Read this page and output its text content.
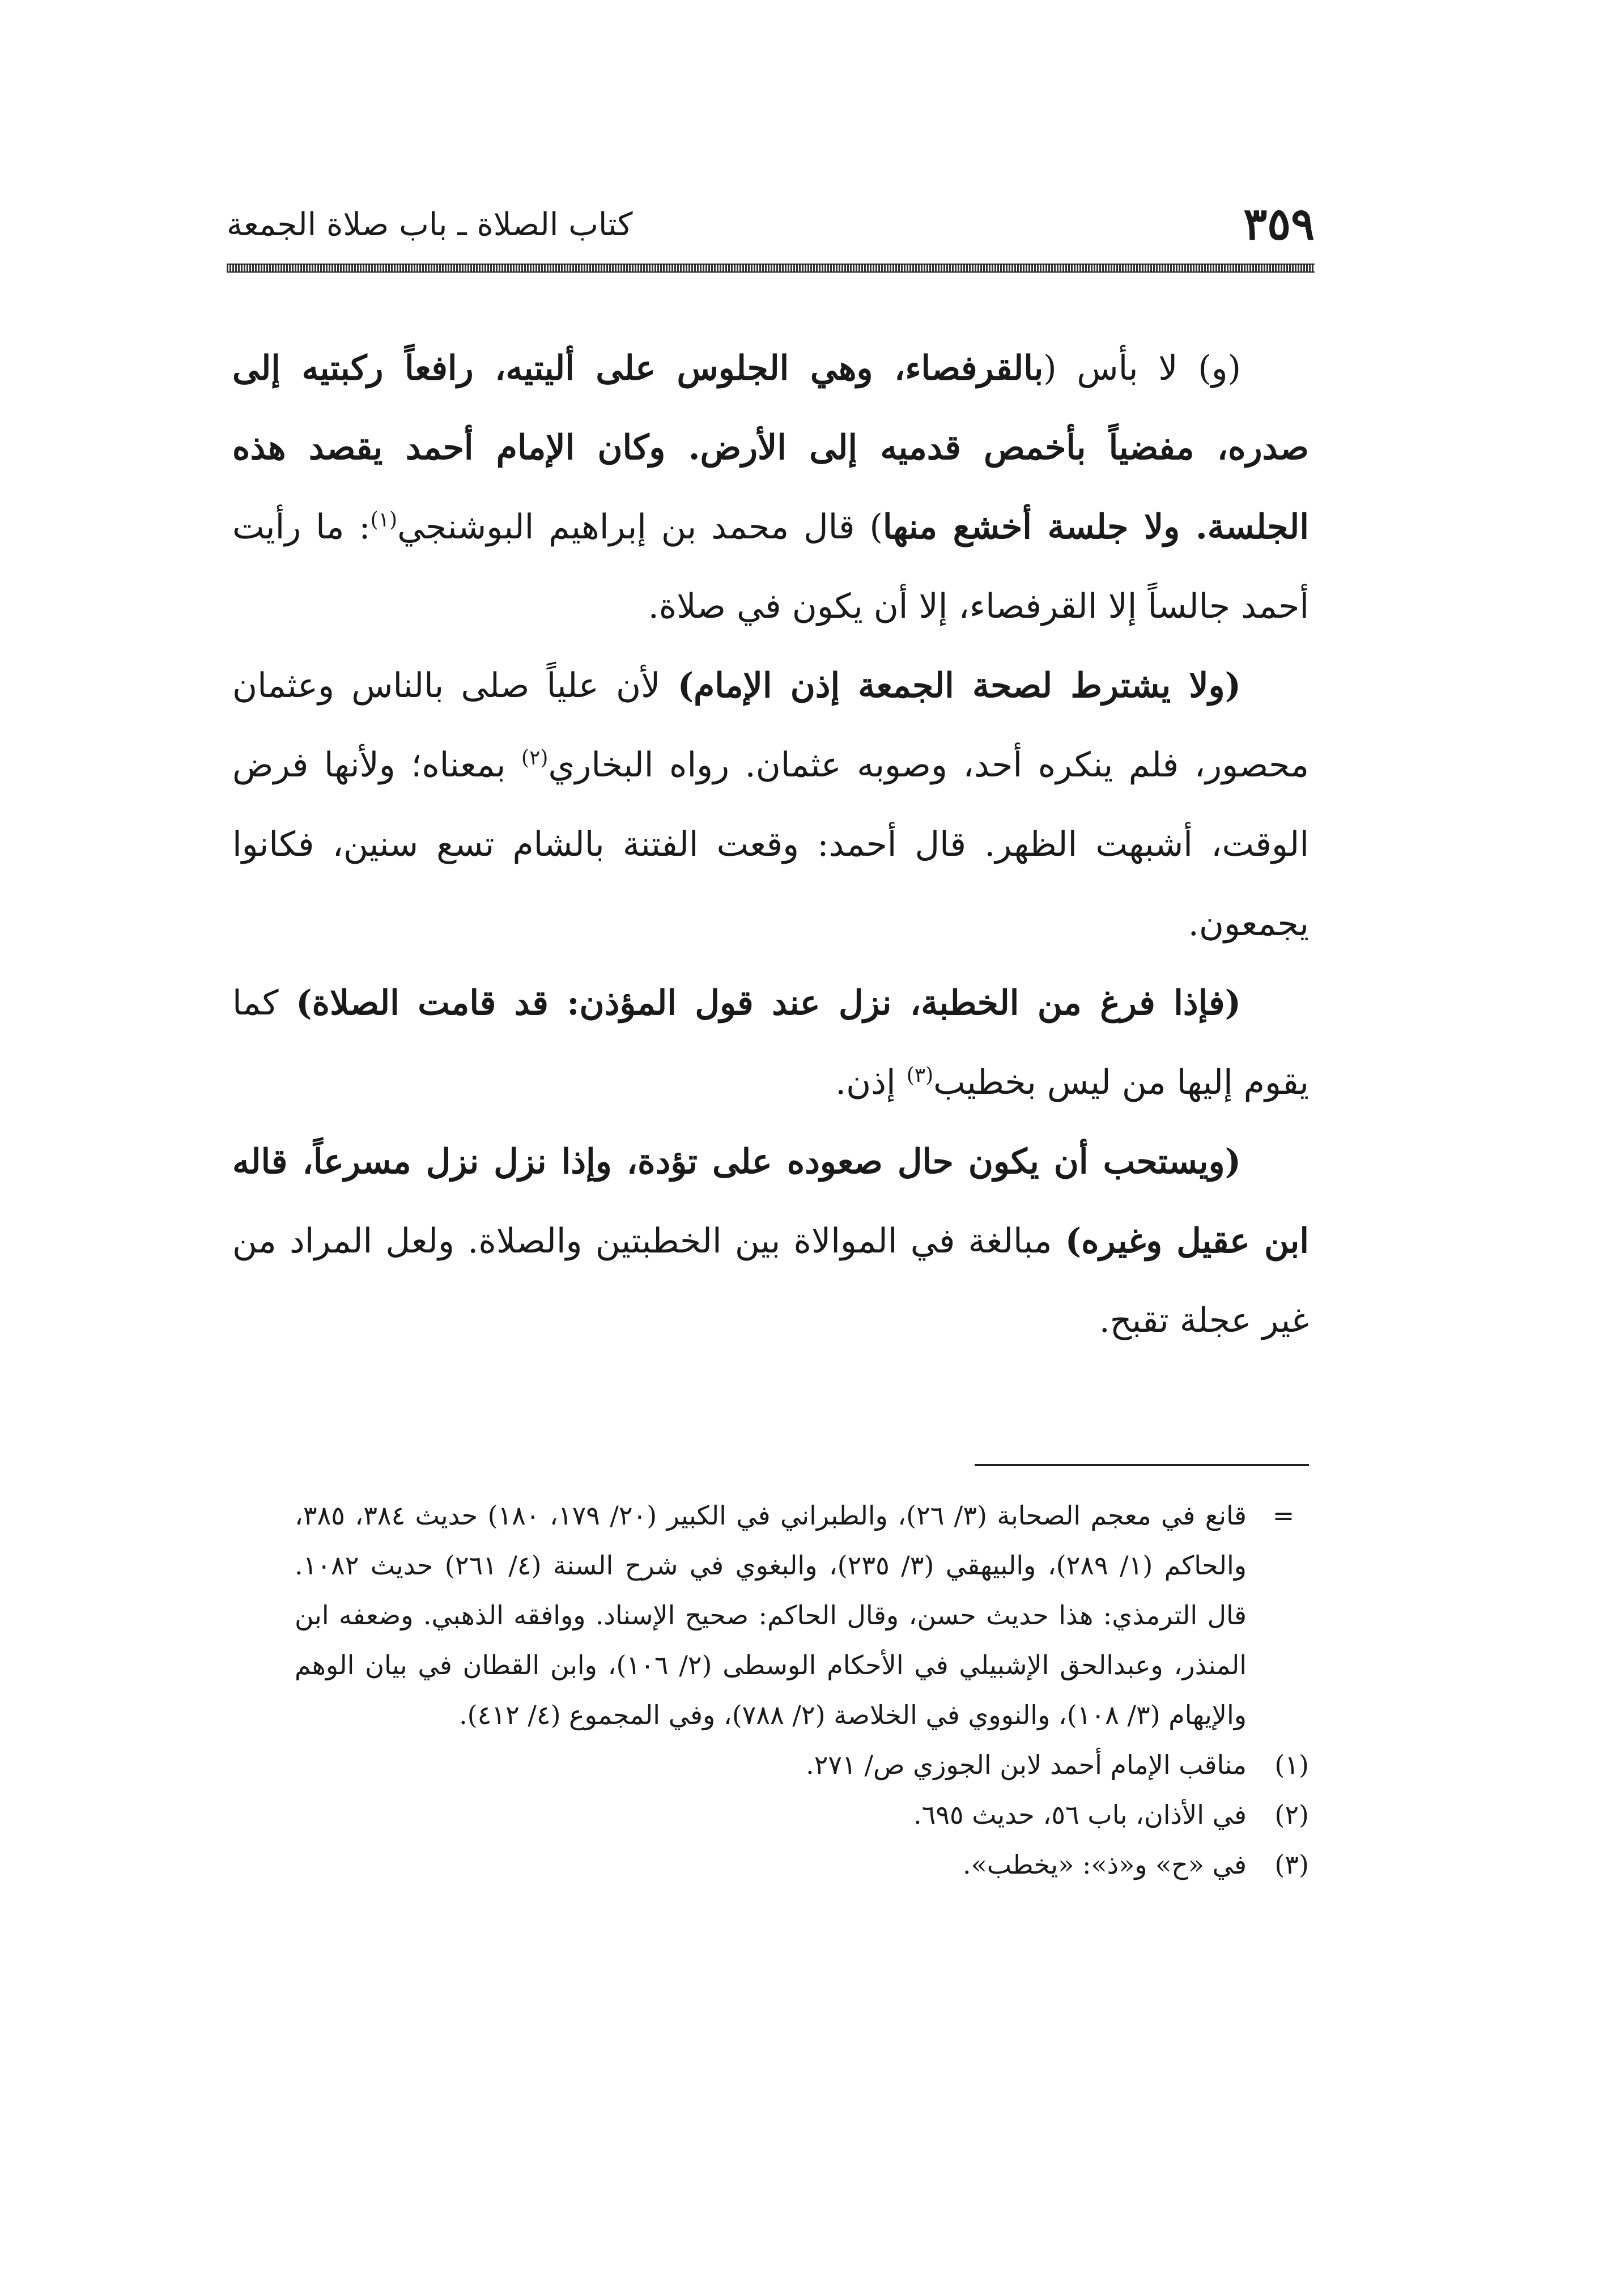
٣٥٩
كتاب الصلاة ـ باب صلاة الجمعة

(و) لا بأس (بالقرفصاء، وهي الجلوس على أليتيه، رافعاً ركبتيه إلى صدره، مفضياً بأخمص قدميه إلى الأرض. وكان الإمام أحمد يقصد هذه الجلسة. ولا جلسة أخشع منها) قال محمد بن إبراهيم البوشنجي$^{(١)}$: ما رأيت أحمد جالساً إلا القرفصاء، إلا أن يكون في صلاة.

(ولا يشترط لصحة الجمعة إذن الإمام) لأن علياً صلى بالناس وعثمان محصور، فلم ينكره أحد، وصوبه عثمان. رواه البخاري$^{(٢)}$ بمعناه؛ ولأنها فرض الوقت، أشبهت الظهر. قال أحمد: وقعت الفتنة بالشام تسع سنين، فكانوا يجمعون.

(فإذا فرغ من الخطبة، نزل عند قول المؤذن: قد قامت الصلاة) كما يقوم إليها من ليس بخطيب$^{(٣)}$ إذن.

(ويستحب أن يكون حال صعوده على تؤدة، وإذا نزل نزل مسرعاً، قاله ابن عقيل وغيره) مبالغة في الموالاة بين الخطبتين والصلاة. ولعل المراد من غير عجلة تقبح.

=
قانع في معجم الصحابة (٣/ ٢٦)، والطبراني في الكبير (٢٠/ ١٧٩، ١٨٠) حديث ٣٨٤، ٣٨٥، والحاكم (١/ ٢٨٩)، والبيهقي (٣/ ٢٣٥)، والبغوي في شرح السنة (٤/ ٢٦١) حديث ١٠٨٢. قال الترمذي: هذا حديث حسن، وقال الحاكم: صحيح الإسناد. ووافقه الذهبي. وضعفه ابن المنذر، وعبدالحق الإشبيلي في الأحكام الوسطى (٢/ ١٠٦)، وابن القطان في بيان الوهم والإيهام (٣/ ١٠٨)، والنووي في الخلاصة (٢/ ٧٨٨)، وفي المجموع (٤/ ٤١٢).
(١)
مناقب الإمام أحمد لابن الجوزي ص/ ٢٧١.
(٢)
في الأذان، باب ٥٦، حديث ٦٩٥.
(٣)
في «ح» و«ذ»: «يخطب».
